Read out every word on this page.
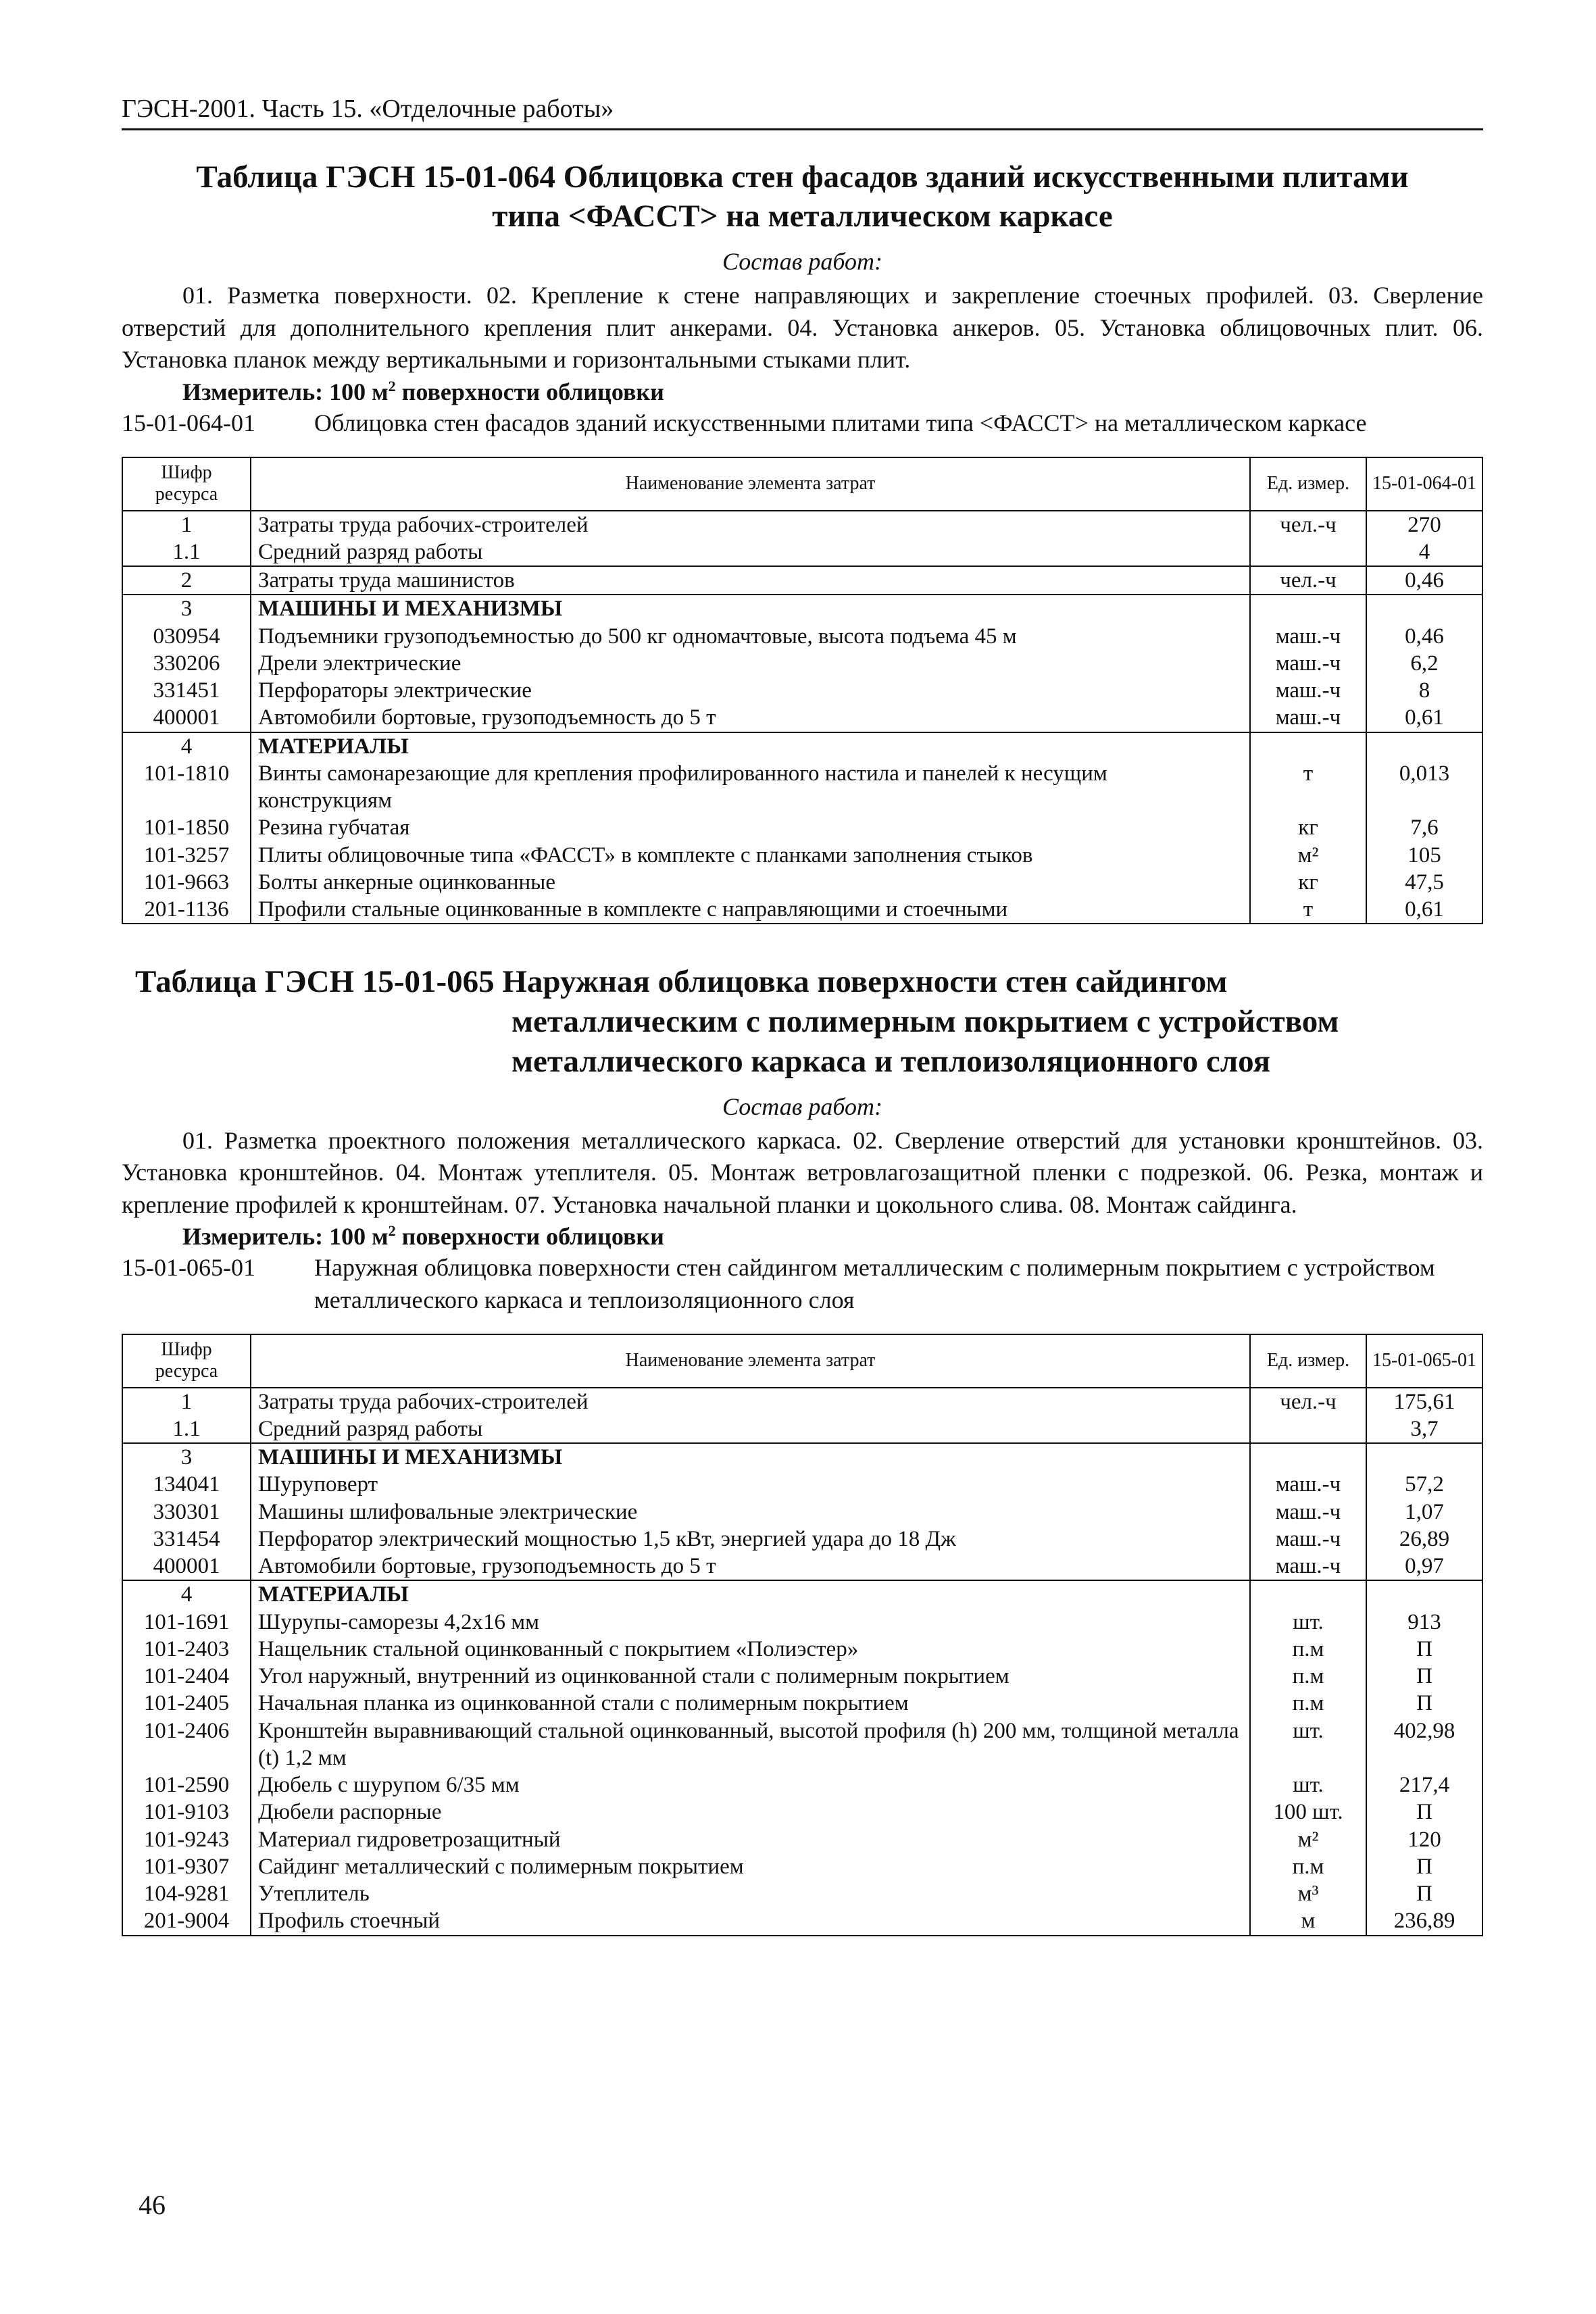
ГЭСН-2001. Часть 15. «Отделочные работы»
Таблица ГЭСН 15-01-064 Облицовка стен фасадов зданий искусственными плитами
типа <ФАССТ> на металлическом каркасе
Состав работ:
01. Разметка поверхности. 02. Крепление к стене направляющих и закрепление стоечных профилей. 03. Сверление отверстий для дополнительного крепления плит анкерами. 04. Установка анкеров. 05. Установка облицовочных плит. 06. Установка планок между вертикальными и горизонтальными стыками плит.
Измеритель: 100 $м^2$ поверхности облицовки
15-01-064-01	Облицовка стен фасадов зданий искусственными плитами типа <ФАССТ> на металлическом каркасе
Шифр ресурса	Наименование элемента затрат	Ед. измер.	15-01-064-01
1	Затраты труда рабочих-строителей	чел.-ч	270
1.1	Средний разряд работы		4
2	Затраты труда машинистов	чел.-ч	0,46
3	МАШИНЫ И МЕХАНИЗМЫ		
030954	Подъемники грузоподъемностью до 500 кг одномачтовые, высота подъема 45 м	маш.-ч	0,46
330206	Дрели электрические	маш.-ч	6,2
331451	Перфораторы электрические	маш.-ч	8
400001	Автомобили бортовые, грузоподъемность до 5 т	маш.-ч	0,61
4	МАТЕРИАЛЫ		
101-1810	Винты самонарезающие для крепления профилированного настила и панелей к несущим конструкциям	т	0,013
101-1850	Резина губчатая	кг	7,6
101-3257	Плиты облицовочные типа «ФАССТ» в комплекте с планками заполнения стыков	м²	105
101-9663	Болты анкерные оцинкованные	кг	47,5
201-1136	Профили стальные оцинкованные в комплекте с направляющими и стоечными	т	0,61
Таблица ГЭСН 15-01-065 Наружная облицовка поверхности стен сайдингом
металлическим с полимерным покрытием с устройством
металлического каркаса и теплоизоляционного слоя
Состав работ:
01. Разметка проектного положения металлического каркаса. 02. Сверление отверстий для установки кронштейнов. 03. Установка кронштейнов. 04. Монтаж утеплителя. 05. Монтаж ветровлагозащитной пленки с подрезкой. 06. Резка, монтаж и крепление профилей к кронштейнам. 07. Установка начальной планки и цокольного слива. 08. Монтаж сайдинга.
Измеритель: 100 $м^2$ поверхности облицовки
15-01-065-01	Наружная облицовка поверхности стен сайдингом металлическим с полимерным покрытием с устройством металлического каркаса и теплоизоляционного слоя
Шифр ресурса	Наименование элемента затрат	Ед. измер.	15-01-065-01
1	Затраты труда рабочих-строителей	чел.-ч	175,61
1.1	Средний разряд работы		3,7
3	МАШИНЫ И МЕХАНИЗМЫ		
134041	Шуруповерт	маш.-ч	57,2
330301	Машины шлифовальные электрические	маш.-ч	1,07
331454	Перфоратор электрический мощностью 1,5 кВт, энергией удара до 18 Дж	маш.-ч	26,89
400001	Автомобили бортовые, грузоподъемность до 5 т	маш.-ч	0,97
4	МАТЕРИАЛЫ		
101-1691	Шурупы-саморезы 4,2x16 мм	шт.	913
101-2403	Нащельник стальной оцинкованный с покрытием «Полиэстер»	п.м	П
101-2404	Угол наружный, внутренний из оцинкованной стали с полимерным покрытием	п.м	П
101-2405	Начальная планка из оцинкованной стали с полимерным покрытием	п.м	П
101-2406	Кронштейн выравнивающий стальной оцинкованный, высотой профиля (h) 200 мм, толщиной металла (t) 1,2 мм	шт.	402,98
101-2590	Дюбель с шурупом 6/35 мм	шт.	217,4
101-9103	Дюбели распорные	100 шт.	П
101-9243	Материал гидроветрозащитный	м²	120
101-9307	Сайдинг металлический с полимерным покрытием	п.м	П
104-9281	Утеплитель	м³	П
201-9004	Профиль стоечный	м	236,89
46
